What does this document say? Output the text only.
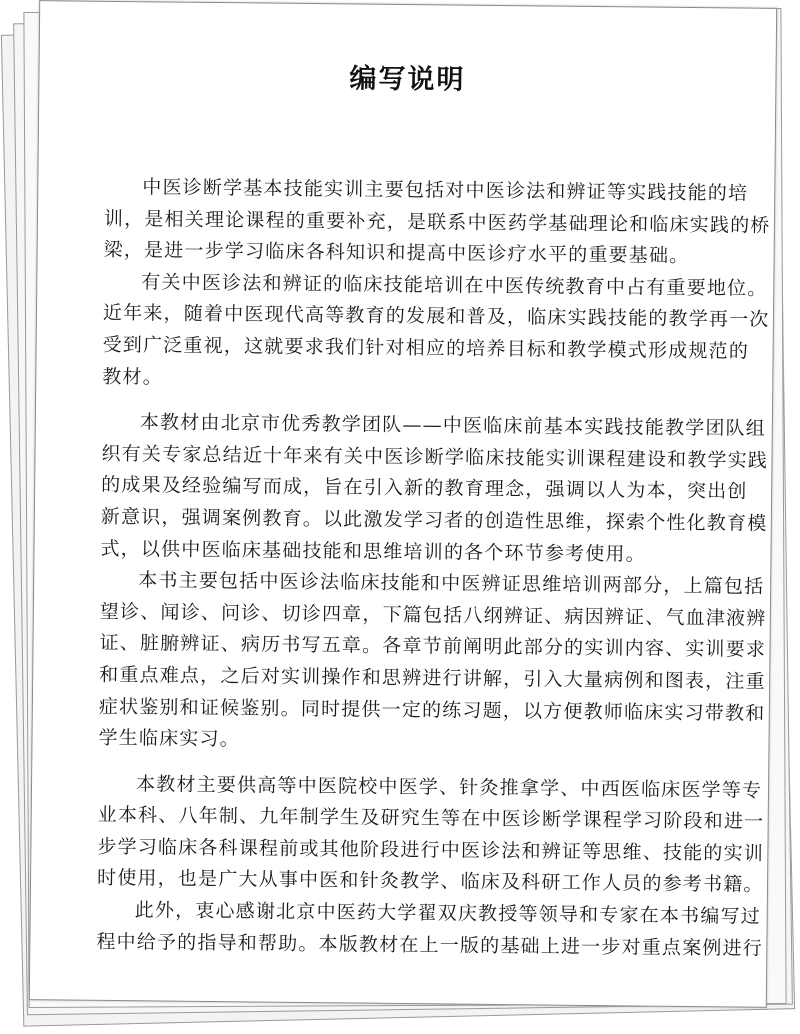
编写说明
中医诊断学基本技能实训主要包括对中医诊法和辨证等实践技能的培
训，是相关理论课程的重要补充，是联系中医药学基础理论和临床实践的桥
梁，是进一步学习临床各科知识和提高中医诊疗水平的重要基础。
有关中医诊法和辨证的临床技能培训在中医传统教育中占有重要地位。
近年来，随着中医现代高等教育的发展和普及，临床实践技能的教学再一次
受到广泛重视，这就要求我们针对相应的培养目标和教学模式形成规范的
教材。
本教材由北京市优秀教学团队——中医临床前基本实践技能教学团队组
织有关专家总结近十年来有关中医诊断学临床技能实训课程建设和教学实践
的成果及经验编写而成，旨在引入新的教育理念，强调以人为本，突出创
新意识，强调案例教育。以此激发学习者的创造性思维，探索个性化教育模
式，以供中医临床基础技能和思维培训的各个环节参考使用。
本书主要包括中医诊法临床技能和中医辨证思维培训两部分，上篇包括
望诊、闻诊、问诊、切诊四章，下篇包括八纲辨证、病因辨证、气血津液辨
证、脏腑辨证、病历书写五章。各章节前阐明此部分的实训内容、实训要求
和重点难点，之后对实训操作和思辨进行讲解，引入大量病例和图表，注重
症状鉴别和证候鉴别。同时提供一定的练习题，以方便教师临床实习带教和
学生临床实习。
本教材主要供高等中医院校中医学、针灸推拿学、中西医临床医学等专
业本科、八年制、九年制学生及研究生等在中医诊断学课程学习阶段和进一
步学习临床各科课程前或其他阶段进行中医诊法和辨证等思维、技能的实训
时使用，也是广大从事中医和针灸教学、临床及科研工作人员的参考书籍。
此外，衷心感谢北京中医药大学翟双庆教授等领导和专家在本书编写过
程中给予的指导和帮助。本版教材在上一版的基础上进一步对重点案例进行
